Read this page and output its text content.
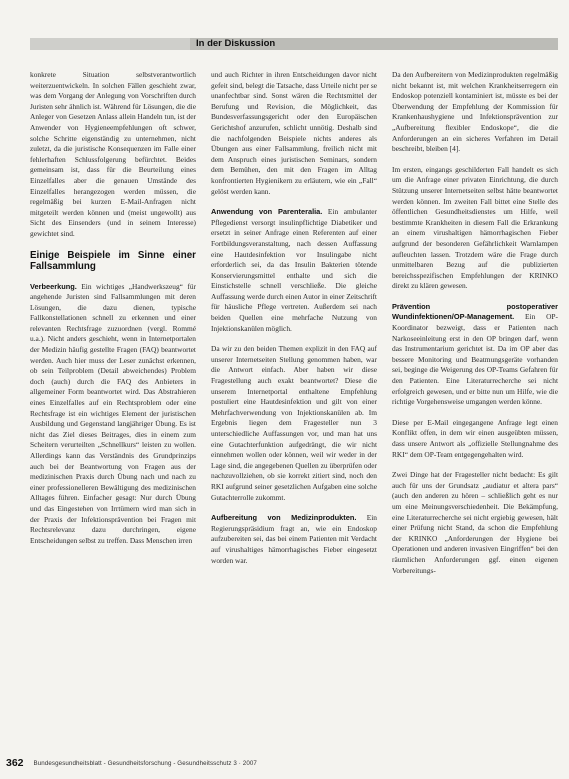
In der Diskussion

konkrete Situation selbstverantwortlich weiterzuentwickeln. In solchen Fällen geschieht zwar, was dem Vorgang der Anlegung von Vorschriften durch Juristen sehr ähnlich ist. Während für Lösungen, die die Anleger von Gesetzen Anlass allein Handeln tun, ist der Anwender von Hygieneempfehlungen oft schwer, solche Schritte eigenständig zu unternehmen, nicht zuletzt, da die juristische Konsequenzen im Falle einer fehlerhaften Schlussfolgerung befürchtet. Beides gemeinsam ist, dass für die Beurteilung eines Einzelfalles aber die genauen Umstände des Einzelfalles herangezogen werden müssen, die regelmäßig bei kurzen E-Mail-Anfragen nicht mitgeteilt werden können und (meist ungewollt) aus Sicht des Einsenders (und in seinem Interesse) gewichtet sind.

Einige Beispiele im Sinne einer Fallsammlung

Verbeerkung. Ein wichtiges „Handwerkszeug“ für angehende Juristen sind Fallsammlungen mit deren Lösungen, die dazu dienen, typische Fallkonstellationen schnell zu erkennen und einer relevanten Rechtsfrage zuzuordnen (vergl. Rommé u.a.). Nicht anders geschieht, wenn in Internetportalen der Medizin häufig gestellte Fragen (FAQ) beantwortet werden. Auch hier muss der Leser zunächst erkennen, ob sein Teilproblem (Detail abweichendes) Problem doch (auch) durch die FAQ des Anbieters in allgemeiner Form beantwortet wird. Das Abstrahieren eines Einzelfalles auf ein Rechtsproblem oder eine Rechtsfrage ist ein wichtiges Element der juristischen Ausbildung und Gegenstand langjähriger Übung. Es ist nicht das Ziel dieses Beitrages, dies in einem zum Scheitern verurteilten „Schnellkurs“ leisten zu wollen. Allerdings kann das Verständnis des Grundprinzips auch bei der Beantwortung von Fragen aus der medizinischen Praxis durch Übung nach und nach zu einer professionelleren Bewältigung des medizinischen Alltages führen. Einfacher gesagt: Nur durch Übung und das Eingestehen von Irrtümern wird man sich in der Praxis der Infektionsprävention bei Fragen mit Rechtsrelevanz dazu durchringen, eigene Entscheidungen selbst zu treffen. Dass Menschen irren

und auch Richter in ihren Entscheidungen davor nicht gefeit sind, belegt die Tatsache, dass Urteile nicht per se unanfechtbar sind. Sonst wären die Rechtsmittel der Berufung und Revision, die Möglichkeit, das Bundesverfassungsgericht oder den Europäischen Gerichtshof anzurufen, schlicht unnötig. Deshalb sind die nachfolgenden Beispiele nichts anderes als Übungen aus einer Fallsammlung, freilich nicht mit dem Anspruch eines juristischen Seminars, sondern dem Bemühen, den mit den Fragen im Alltag konfrontierten Hygienikern zu erläutern, wie ein „Fall“ gelöst werden kann.

Anwendung von Parenteralia. Ein ambulanter Pflegedienst versorgt insulinpflichtige Diabetiker und ersetzt in seiner Anfrage einen Referenten auf einer Fortbildungsveranstaltung, nach dessen Auffassung eine Hautdesinfektion vor Insulingabe nicht erforderlich sei, da das Insulin Bakterien tötende Konservierungsmittel enthalte und sich die Einstichstelle schnell verschließe. Die gleiche Auffassung werde durch einen Autor in einer Zeitschrift für häusliche Pflege vertreten. Außerdem sei nach beiden Quellen eine mehrfache Nutzung von Injektionskanülen möglich.

Da wir zu den beiden Themen explizit in den FAQ auf unserer Internetseiten Stellung genommen haben, war die Antwort einfach. Aber haben wir diese Fragestellung auch exakt beantwortet? Diese die unserem Internetportal enthaltene Empfehlung postuliert eine Hautdesinfektion und gilt von einer Mehrfachverwendung von Injektionskanülen ab. Im Ergebnis liegen dem Fragesteller nun 3 unterschiedliche Auffassungen vor, und man hat uns eine Gutachterfunktion aufgedrängt, die wir nicht einnehmen wollen oder können, weil wir weder in der Lage sind, die angegebenen Quellen zu überprüfen oder nachzuvollziehen, ob sie korrekt zitiert sind, noch den RKI aufgrund seiner gesetzlichen Aufgaben eine solche Gutachterrolle zukommt.

Aufbereitung von Medizinprodukten. Ein Regierungspräsidium fragt an, wie ein Endoskop aufzubereiten sei, das bei einem Patienten mit Verdacht auf virushaltiges hämorrhagisches Fieber eingesetzt worden war.

Da den Aufbereitern von Medizinprodukten regelmäßig nicht bekannt ist, mit welchen Krankheitserregern ein Endoskop potenziell kontaminiert ist, müsste es bei der Überwendung der Empfehlung der Kommission für Krankenhaushygiene und Infektionsprävention zur „Aufbereitung flexibler Endoskope“, die die Anforderungen an ein sicheres Verfahren im Detail beschreibt, bleiben [4].

Im ersten, eingangs geschilderten Fall handelt es sich um die Anfrage einer privaten Einrichtung, die durch Stützung unserer Internetseiten selbst hätte beantwortet werden können. Im zweiten Fall bittet eine Stelle des öffentlichen Gesundheitsdienstes um Hilfe, weil bestimmte Krankheiten in diesem Fall die Erkrankung an einem virushaltigen hämorrhagischen Fieber aufgrund der besonderen Gefährlichkeit Warnlampen aufleuchten lassen. Trotzdem wäre die Frage durch unmittelbaren Bezug auf die publizierten bereichsspezifischen Empfehlungen der KRINKO direkt zu klären gewesen.

Prävention postoperativer Wundinfektionen/OP-Management. Ein OP-Koordinator bezweigt, dass er Patienten nach Narkoseeinleitung erst in den OP bringen darf, wenn das Instrumentarium gerichtet ist. Da im OP aber das bessere Monitoring und Beatmungsgeräte vorhanden sei, beginge die Weigerung des OP-Teams Gefahren für den Patienten. Eine Literaturrecherche sei nicht erfolgreich gewesen, und er bitte nun um Hilfe, wie die richtige Vorgehensweise umgangen werden könne.

Diese per E-Mail eingegangene Anfrage legt einen Konflikt offen, in dem wir einen ausgeübten müssen, dass unsere Antwort als „offizielle Stellungnahme des RKI“ dem OP-Team entgegengehalten wird.

Zwei Dinge hat der Fragesteller nicht bedacht: Es gilt auch für uns der Grundsatz „audiatur et altera pars“ (auch den anderen zu hören – schließlich geht es nur um eine Meinungsverschiedenheit. Die Bekämpfung, eine Literaturrecherche sei nicht ergiebig gewesen, hält einer Prüfung nicht Stand, da schon die Empfehlung der KRINKO „Anforderungen der Hygiene bei Operationen und anderen invasiven Eingriffen“ bei den räumlichen Anforderungen ggf. einen eigenen Vorbereitungs-

362 Bundesgesundheitsblatt - Gesundheitsforschung - Gesundheitsschutz 3 · 2007
